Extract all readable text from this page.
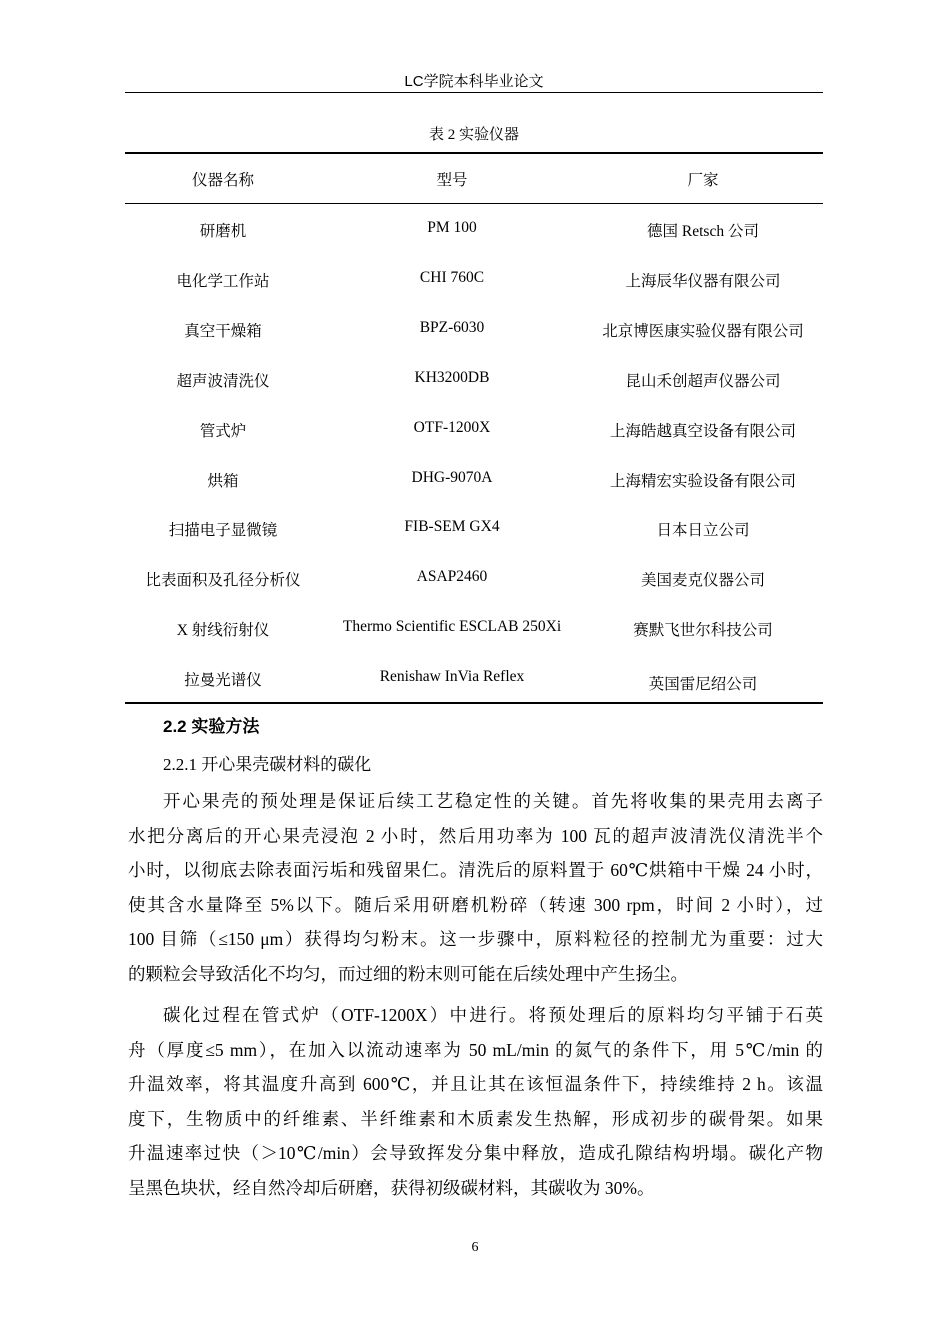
LC学院本科毕业论文
表 2 实验仪器
仪器名称	型号	厂家
研磨机	PM 100	德国 Retsch 公司
电化学工作站	CHI 760C	上海辰华仪器有限公司
真空干燥箱	BPZ-6030	北京博医康实验仪器有限公司
超声波清洗仪	KH3200DB	昆山禾创超声仪器公司
管式炉	OTF-1200X	上海皓越真空设备有限公司
烘箱	DHG-9070A	上海精宏实验设备有限公司
扫描电子显微镜	FIB-SEM GX4	日本日立公司
比表面积及孔径分析仪	ASAP2460	美国麦克仪器公司
X 射线衍射仪	Thermo Scientific ESCLAB 250Xi	赛默飞世尔科技公司
拉曼光谱仪	Renishaw InVia Reflex	英国雷尼绍公司
2.2 实验方法
2.2.1 开心果壳碳材料的碳化
开心果壳的预处理是保证后续工艺稳定性的关键。首先将收集的果壳用去离子
水把分离后的开心果壳浸泡 2 小时，然后用功率为 100 瓦的超声波清洗仪清洗半个
小时，以彻底去除表面污垢和残留果仁。清洗后的原料置于 60℃烘箱中干燥 24 小时，
使其含水量降至 5%以下。随后采用研磨机粉碎（转速 300 rpm，时间 2 小时），过
100 目筛（≤150 μm）获得均匀粉末。这一步骤中，原料粒径的控制尤为重要：过大
的颗粒会导致活化不均匀，而过细的粉末则可能在后续处理中产生扬尘。
碳化过程在管式炉（OTF-1200X）中进行。将预处理后的原料均匀平铺于石英
舟（厚度≤5 mm），在加入以流动速率为 50 mL/min 的氮气的条件下，用 5℃/min 的
升温效率，将其温度升高到 600℃，并且让其在该恒温条件下，持续维持 2 h。该温
度下，生物质中的纤维素、半纤维素和木质素发生热解，形成初步的碳骨架。如果
升温速率过快（＞10℃/min）会导致挥发分集中释放，造成孔隙结构坍塌。碳化产物
呈黑色块状，经自然冷却后研磨，获得初级碳材料，其碳收为 30%。
6
